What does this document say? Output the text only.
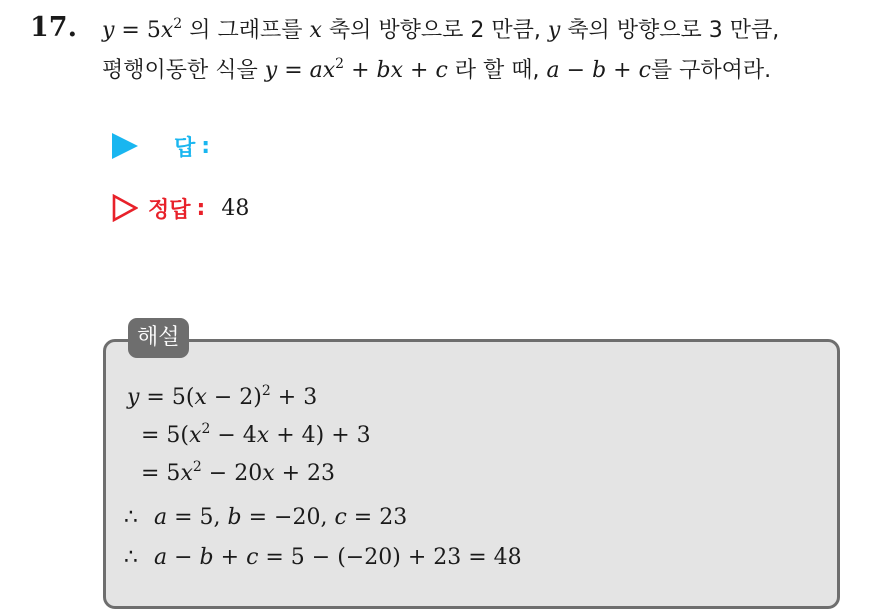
17. $y = 5x^2$ 의 그래프를 x 축의 방향으로 2 만큼, y 축의 방향으로 3 만큼,
평행이동한 식을 $y = ax^2$ + bx + c 라 할 때, a − b + c를 구하여라.
답 :
정답 : 48
해설
$y = 5(x - 2)^2 + 3$
= $5(x^2 - 4x + 4) + 3$
= $5x^2 - 20x + 23$
∴ a = 5, b = −20, c = 23
∴ a − b + c = 5 − (−20) + 23 = 48
